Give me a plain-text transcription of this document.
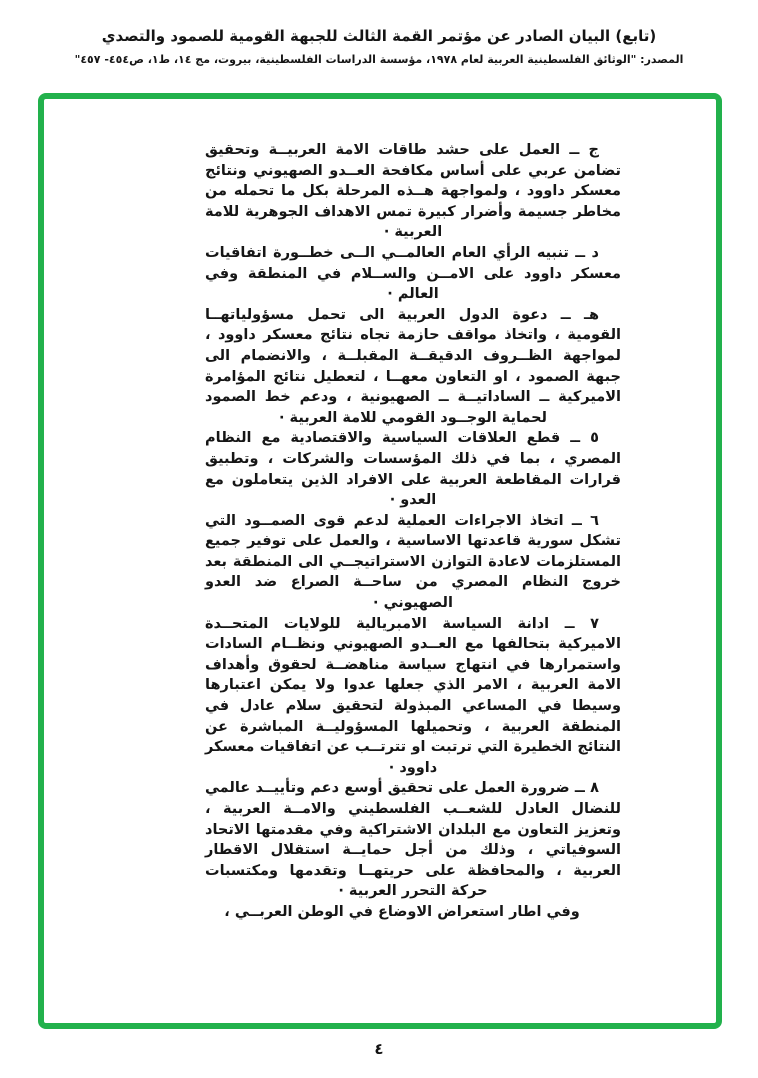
(تابع) البيان الصادر عن مؤتمر القمة الثالث للجبهة القومية للصمود والتصدي
المصدر: "الوثائق الفلسطينية العربية لعام ١٩٧٨، مؤسسة الدراسات الفلسطينية، بيروت، مج ١٤، ط١، ص٤٥٤- ٤٥٧"

ج ــ العمل على حشد طاقات الامة العربيــة وتحقيق تضامن عربي على أساس مكافحة العــدو الصهيوني ونتائج معسكر داوود ، ولمواجهة هــذه المرحلة بكل ما تحمله من مخاطر جسيمة وأضرار كبيرة تمس الاهداف الجوهرية للامة العربية ·

د ــ تنبيه الرأي العام العالمــي الــى خطــورة اتفاقيات معسكر داوود على الامــن والســلام في المنطقة وفي العالم ·

هـ ــ دعوة الدول العربية الى تحمل مسؤولياتهــا القومية ، واتخاذ مواقف حازمة تجاه نتائج معسكر داوود ، لمواجهة الظــروف الدقيقــة المقبلــة ، والانضمام الى جبهة الصمود ، او التعاون معهــا ، لتعطيل نتائج المؤامرة الاميركية ــ الساداتيــة ــ الصهيونية ، ودعم خط الصمود لحماية الوجــود القومي للامة العربية ·

٥ ــ قطع العلاقات السياسية والاقتصادية مع النظام المصري ، بما في ذلك المؤسسات والشركات ، وتطبيق قرارات المقاطعة العربية على الافراد الذين يتعاملون مع العدو ·

٦ ــ اتخاذ الاجراءات العملية لدعم قوى الصمــود التي تشكل سورية قاعدتها الاساسية ، والعمل على توفير جميع المستلزمات لاعادة التوازن الاستراتيجــي الى المنطقة بعد خروج النظام المصري من ساحــة الصراع ضد العدو الصهيوني ·

٧ ــ ادانة السياسة الامبريالية للولايات المتحــدة الاميركية بتحالفها مع العــدو الصهيوني ونظــام السادات واستمرارها في انتهاج سياسة مناهضــة لحقوق وأهداف الامة العربية ، الامر الذي جعلها عدوا ولا يمكن اعتبارها وسيطا في المساعي المبذولة لتحقيق سلام عادل في المنطقة العربية ، وتحميلها المسؤوليــة المباشرة عن النتائج الخطيرة التي ترتبت او تترتــب عن اتفاقيات معسكر داوود ·

٨ ــ ضرورة العمل على تحقيق أوسع دعم وتأييــد عالمي للنضال العادل للشعــب الفلسطيني والامــة العربية ، وتعزيز التعاون مع البلدان الاشتراكية وفي مقدمتها الاتحاد السوفياتي ، وذلك من أجل حمايــة استقلال الاقطار العربية ، والمحافظة على حريتهــا وتقدمها ومكتسبات حركة التحرر العربية ·

وفي اطار استعراض الاوضاع في الوطن العربــي ،

٤
